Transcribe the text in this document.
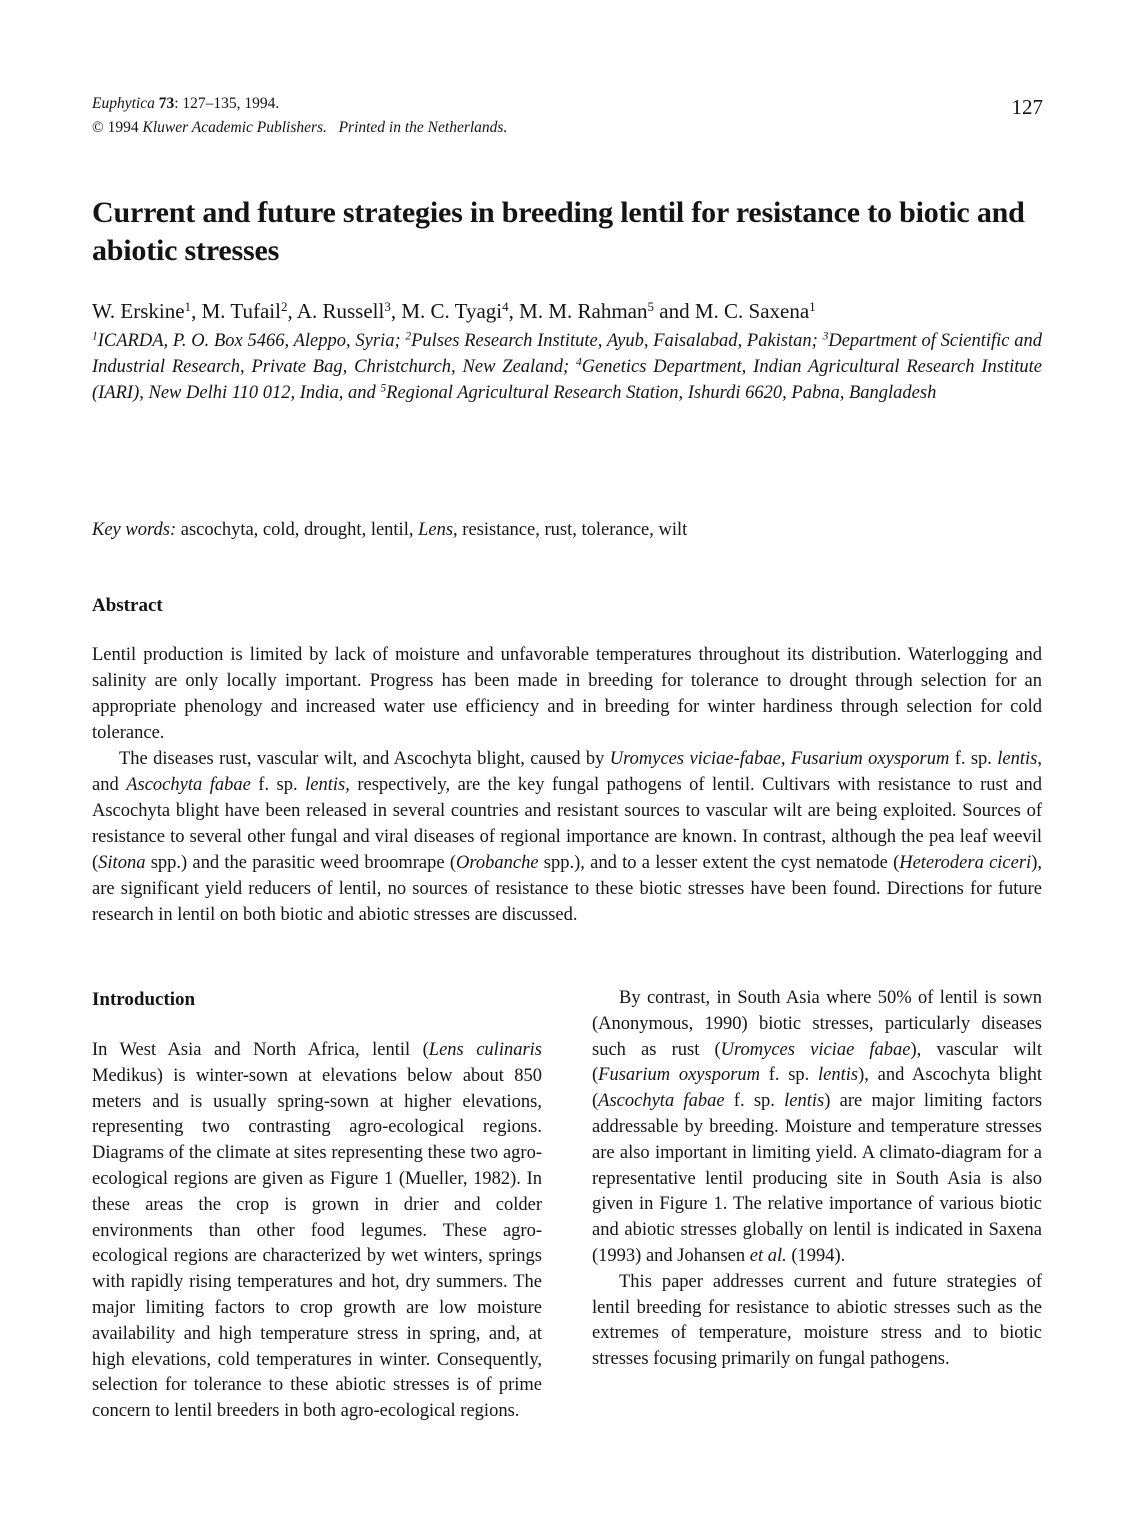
Euphytica 73: 127–135, 1994.
© 1994 Kluwer Academic Publishers. Printed in the Netherlands.
127
Current and future strategies in breeding lentil for resistance to biotic and abiotic stresses

W. Erskine$^1$, M. Tufail$^2$, A. Russell$^3$, M. C. Tyagi$^4$, M. M. Rahman$^5$ and M. C. Saxena$^1$

$^1$ICARDA, P. O. Box 5466, Aleppo, Syria; $^2$Pulses Research Institute, Ayub, Faisalabad, Pakistan; $^3$Department of Scientific and Industrial Research, Private Bag, Christchurch, New Zealand; $^4$Genetics Department, Indian Agricultural Research Institute (IARI), New Delhi 110 012, India, and $^5$Regional Agricultural Research Station, Ishurdi 6620, Pabna, Bangladesh

Key words: ascochyta, cold, drought, lentil, Lens, resistance, rust, tolerance, wilt

Abstract

Lentil production is limited by lack of moisture and unfavorable temperatures throughout its distribution. Waterlogging and salinity are only locally important. Progress has been made in breeding for tolerance to drought through selection for an appropriate phenology and increased water use efficiency and in breeding for winter hardiness through selection for cold tolerance.

The diseases rust, vascular wilt, and Ascochyta blight, caused by Uromyces viciae-fabae, Fusarium oxysporum f. sp. lentis, and Ascochyta fabae f. sp. lentis, respectively, are the key fungal pathogens of lentil. Cultivars with resistance to rust and Ascochyta blight have been released in several countries and resistant sources to vascular wilt are being exploited. Sources of resistance to several other fungal and viral diseases of regional importance are known. In contrast, although the pea leaf weevil (Sitona spp.) and the parasitic weed broomrape (Orobanche spp.), and to a lesser extent the cyst nematode (Heterodera ciceri), are significant yield reducers of lentil, no sources of resistance to these biotic stresses have been found. Directions for future research in lentil on both biotic and abiotic stresses are discussed.

Introduction

In West Asia and North Africa, lentil (Lens culinaris Medikus) is winter-sown at elevations below about 850 meters and is usually spring-sown at higher elevations, representing two contrasting agro-ecological regions. Diagrams of the climate at sites representing these two agro-ecological regions are given as Figure 1 (Mueller, 1982). In these areas the crop is grown in drier and colder environments than other food legumes. These agro-ecological regions are characterized by wet winters, springs with rapidly rising temperatures and hot, dry summers. The major limiting factors to crop growth are low moisture availability and high temperature stress in spring, and, at high elevations, cold temperatures in winter. Consequently, selection for tolerance to these abiotic stresses is of prime concern to lentil breeders in both agro-ecological regions.

By contrast, in South Asia where 50% of lentil is sown (Anonymous, 1990) biotic stresses, particularly diseases such as rust (Uromyces viciae fabae), vascular wilt (Fusarium oxysporum f. sp. lentis), and Ascochyta blight (Ascochyta fabae f. sp. lentis) are major limiting factors addressable by breeding. Moisture and temperature stresses are also important in limiting yield. A climato-diagram for a representative lentil producing site in South Asia is also given in Figure 1. The relative importance of various biotic and abiotic stresses globally on lentil is indicated in Saxena (1993) and Johansen et al. (1994).

This paper addresses current and future strategies of lentil breeding for resistance to abiotic stresses such as the extremes of temperature, moisture stress and to biotic stresses focusing primarily on fungal pathogens.
